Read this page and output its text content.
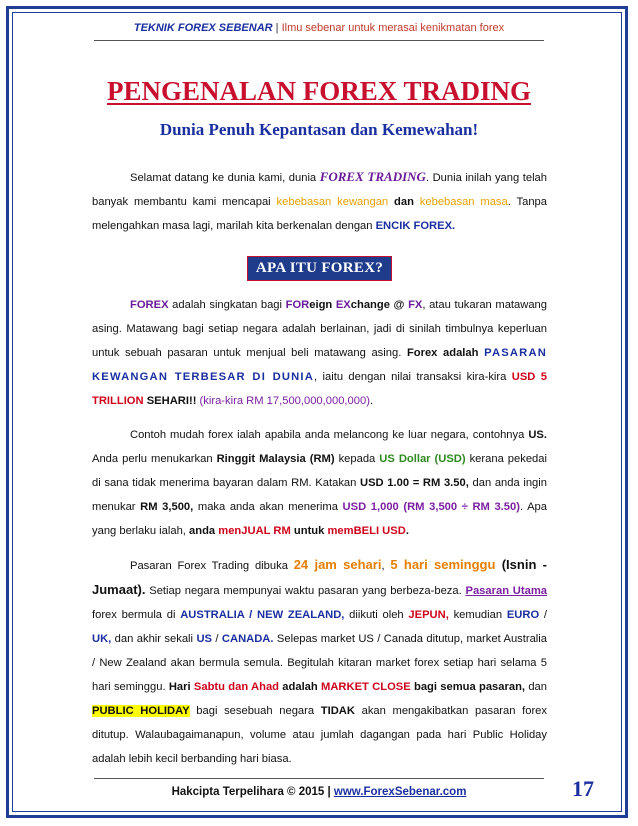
TEKNIK FOREX SEBENAR | Ilmu sebenar untuk merasai kenikmatan forex
PENGENALAN FOREX TRADING
Dunia Penuh Kepantasan dan Kemewahan!

Selamat datang ke dunia kami, dunia FOREX TRADING. Dunia inilah yang telah banyak membantu kami mencapai kebebasan kewangan dan kebebasan masa. Tanpa melengahkan masa lagi, marilah kita berkenalan dengan ENCIK FOREX.

APA ITU FOREX?

FOREX adalah singkatan bagi FOReign EXchange @ FX, atau tukaran matawang asing. Matawang bagi setiap negara adalah berlainan, jadi di sinilah timbulnya keperluan untuk sebuah pasaran untuk menjual beli matawang asing. Forex adalah PASARAN KEWANGAN TERBESAR DI DUNIA, iaitu dengan nilai transaksi kira-kira USD 5 TRILLION SEHARI!! (kira-kira RM 17,500,000,000,000).

Contoh mudah forex ialah apabila anda melancong ke luar negara, contohnya US. Anda perlu menukarkan Ringgit Malaysia (RM) kepada US Dollar (USD) kerana pekedai di sana tidak menerima bayaran dalam RM. Katakan USD 1.00 = RM 3.50, dan anda ingin menukar RM 3,500, maka anda akan menerima USD 1,000 (RM 3,500 ÷ RM 3.50). Apa yang berlaku ialah, anda menJUAL RM untuk memBELI USD.

Pasaran Forex Trading dibuka 24 jam sehari, 5 hari seminggu (Isnin - Jumaat). Setiap negara mempunyai waktu pasaran yang berbeza-beza. Pasaran Utama forex bermula di AUSTRALIA / NEW ZEALAND, diikuti oleh JEPUN, kemudian EURO / UK, dan akhir sekali US / CANADA. Selepas market US / Canada ditutup, market Australia / New Zealand akan bermula semula. Begitulah kitaran market forex setiap hari selama 5 hari seminggu. Hari Sabtu dan Ahad adalah MARKET CLOSE bagi semua pasaran, dan PUBLIC HOLIDAY bagi sesebuah negara TIDAK akan mengakibatkan pasaran forex ditutup. Walaubagaimanapun, volume atau jumlah dagangan pada hari Public Holiday adalah lebih kecil berbanding hari biasa.

Hakcipta Terpelihara © 2015 | www.ForexSebenar.com	17
